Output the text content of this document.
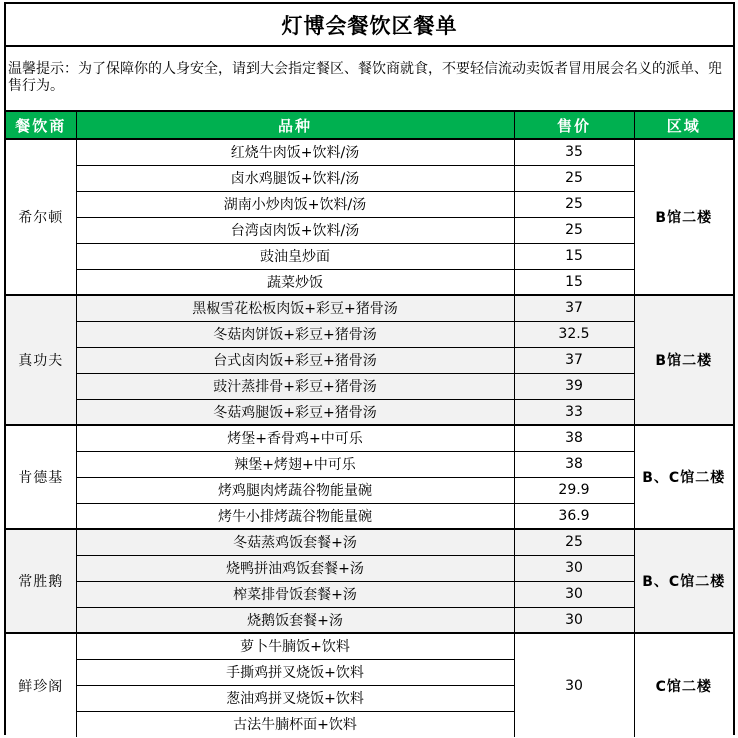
灯博会餐饮区餐单
温馨提示：为了保障你的人身安全，请到大会指定餐区、餐饮商就食，不要轻信流动卖饭者冒用展会名义的派单、兜售行为。
餐饮商	品种	售价	区域
希尔顿	红烧牛肉饭+饮料/汤	35	B馆二楼
	卤水鸡腿饭+饮料/汤	25	
	湖南小炒肉饭+饮料/汤	25	
	台湾卤肉饭+饮料/汤	25	
	豉油皇炒面	15	
	蔬菜炒饭	15	
真功夫	黑椒雪花松板肉饭+彩豆+猪骨汤	37	B馆二楼
	冬菇肉饼饭+彩豆+猪骨汤	32.5	
	台式卤肉饭+彩豆+猪骨汤	37	
	豉汁蒸排骨+彩豆+猪骨汤	39	
	冬菇鸡腿饭+彩豆+猪骨汤	33	
肯德基	烤堡+香骨鸡+中可乐	38	B、C馆二楼
	辣堡+烤翅+中可乐	38	
	烤鸡腿肉烤蔬谷物能量碗	29.9	
	烤牛小排烤蔬谷物能量碗	36.9	
常胜鹅	冬菇蒸鸡饭套餐+汤	25	B、C馆二楼
	烧鸭拼油鸡饭套餐+汤	30	
	榨菜排骨饭套餐+汤	30	
	烧鹅饭套餐+汤	30	
鲜珍阁	萝卜牛腩饭+饮料	30	C馆二楼
	手撕鸡拼叉烧饭+饮料		
	葱油鸡拼叉烧饭+饮料		
	古法牛腩杯面+饮料		
